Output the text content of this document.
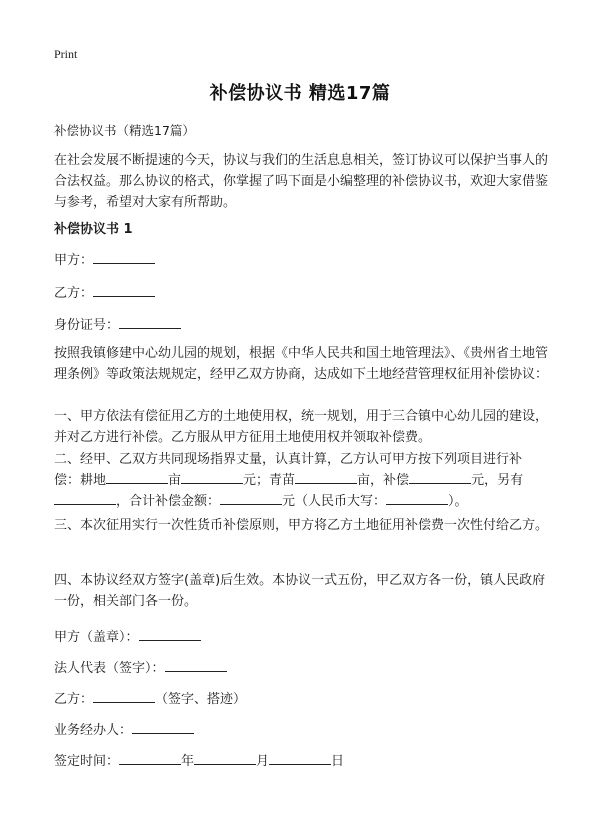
Print
补偿协议书 精选17篇
补偿协议书（精选17篇）
在社会发展不断提速的今天，协议与我们的生活息息相关，签订协议可以保护当事人的合法权益。那么协议的格式，你掌握了吗下面是小编整理的补偿协议书，欢迎大家借鉴与参考，希望对大家有所帮助。
补偿协议书 1
甲方：
乙方：
身份证号：
按照我镇修建中心幼儿园的规划，根据《中华人民共和国土地管理法》、《贵州省土地管理条例》等政策法规规定，经甲乙双方协商，达成如下土地经营管理权征用补偿协议：
一、甲方依法有偿征用乙方的土地使用权，统一规划，用于三合镇中心幼儿园的建设，并对乙方进行补偿。乙方服从甲方征用土地使用权并领取补偿费。
二、经甲、乙双方共同现场指界丈量，认真计算，乙方认可甲方按下列项目进行补
偿：耕地	亩	元；青苗	亩，补偿	元，另有
，合计补偿金额：	元（人民币大写：	）。
三、本次征用实行一次性货币补偿原则，甲方将乙方土地征用补偿费一次性付给乙方。
四、本协议经双方签字(盖章)后生效。本协议一式五份，甲乙双方各一份，镇人民政府一份，相关部门各一份。
甲方（盖章）：
法人代表（签字）：
乙方：	（签字、搭迹）
业务经办人：
签定时间：	年	月	日
